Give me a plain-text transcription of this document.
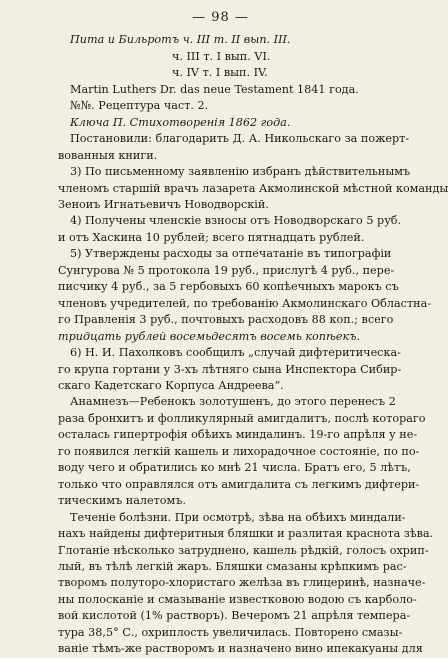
— 98 —
Пита и Бильротъ ч. III т. II вып. III.
ч. III т. I вып. VI.
ч. IV т. I вып. IV.
Martin Luthers Dr. das neue Testament 1841 года.
№№. Рецептура част. 2.
Ключа П. Стихотворенія 1862 года.
Постановили: благодарить Д. А. Никольскаго за пожерт-
вованныя книги.
3) По письменному заявленію избранъ дѣйствительнымъ
членомъ старшій врачъ лазарета Акмолинской мѣстной команды
Зеноиъ Игнатьевичъ Новодворскій.
4) Получены членскіе взносы отъ Новодворскаго 5 руб.
и отъ Хаскина 10 рублей; всего пятнадцать рублей.
5) Утверждены расходы за отпечатаніе въ типографіи
Сунгурова № 5 протокола 19 руб., прислугѣ 4 руб., пере-
писчику 4 руб., за 5 гербовыхъ 60 копѣечныхъ марокъ съ
членовъ учредителей, по требованію Акмолинскаго Областна-
го Правленія 3 руб., почтовыхъ расходовъ 88 коп.; всего
тридцать рублей восемьдесятъ восемь копѣекъ.
6) Н. И. Пахолковъ сообщилъ „случай дифтеритическа-
го крупа гортани у 3-хъ лѣтняго сына Инспектора Сибир-
скаго Кадетскаго Корпуса Андреева“.
Анамнезъ—Ребенокъ золотушенъ, до этого перенесъ 2
раза бронхитъ и фолликулярный амигдалитъ, послѣ котораго
осталась гипертрофія обѣихъ миндалинъ. 19-го апрѣля у не-
го появился легкій кашель и лихорадочное состояніе, по по-
воду чего и обратились ко мнѣ 21 числа. Братъ его, 5 лѣтъ,
только что оправлялся отъ амигдалита съ легкимъ дифтери-
тическимъ налетомъ.
Теченіе болѣзни. При осмотрѣ, зѣва на обѣихъ миндали-
нахъ найдены дифтеритныя бляшки и разлитая краснота зѣва.
Глотаніе нѣсколько затруднено, кашель рѣдкій, голосъ охрип-
лый, въ тѣлѣ легкій жаръ. Бляшки смазаны крѣпкимъ рас-
творомъ полуторо-хлористаго желѣза въ глицеринѣ, назначе-
ны полосканіе и смазываніе известковою водою съ карболо-
вой кислотой (1% растворъ). Вечеромъ 21 апрѣля темпера-
тура 38,5° С., охриплость увеличилась. Повторено смазы-
ваніе тѣмъ-же растворомъ и назначено вино ипекакуаны для
